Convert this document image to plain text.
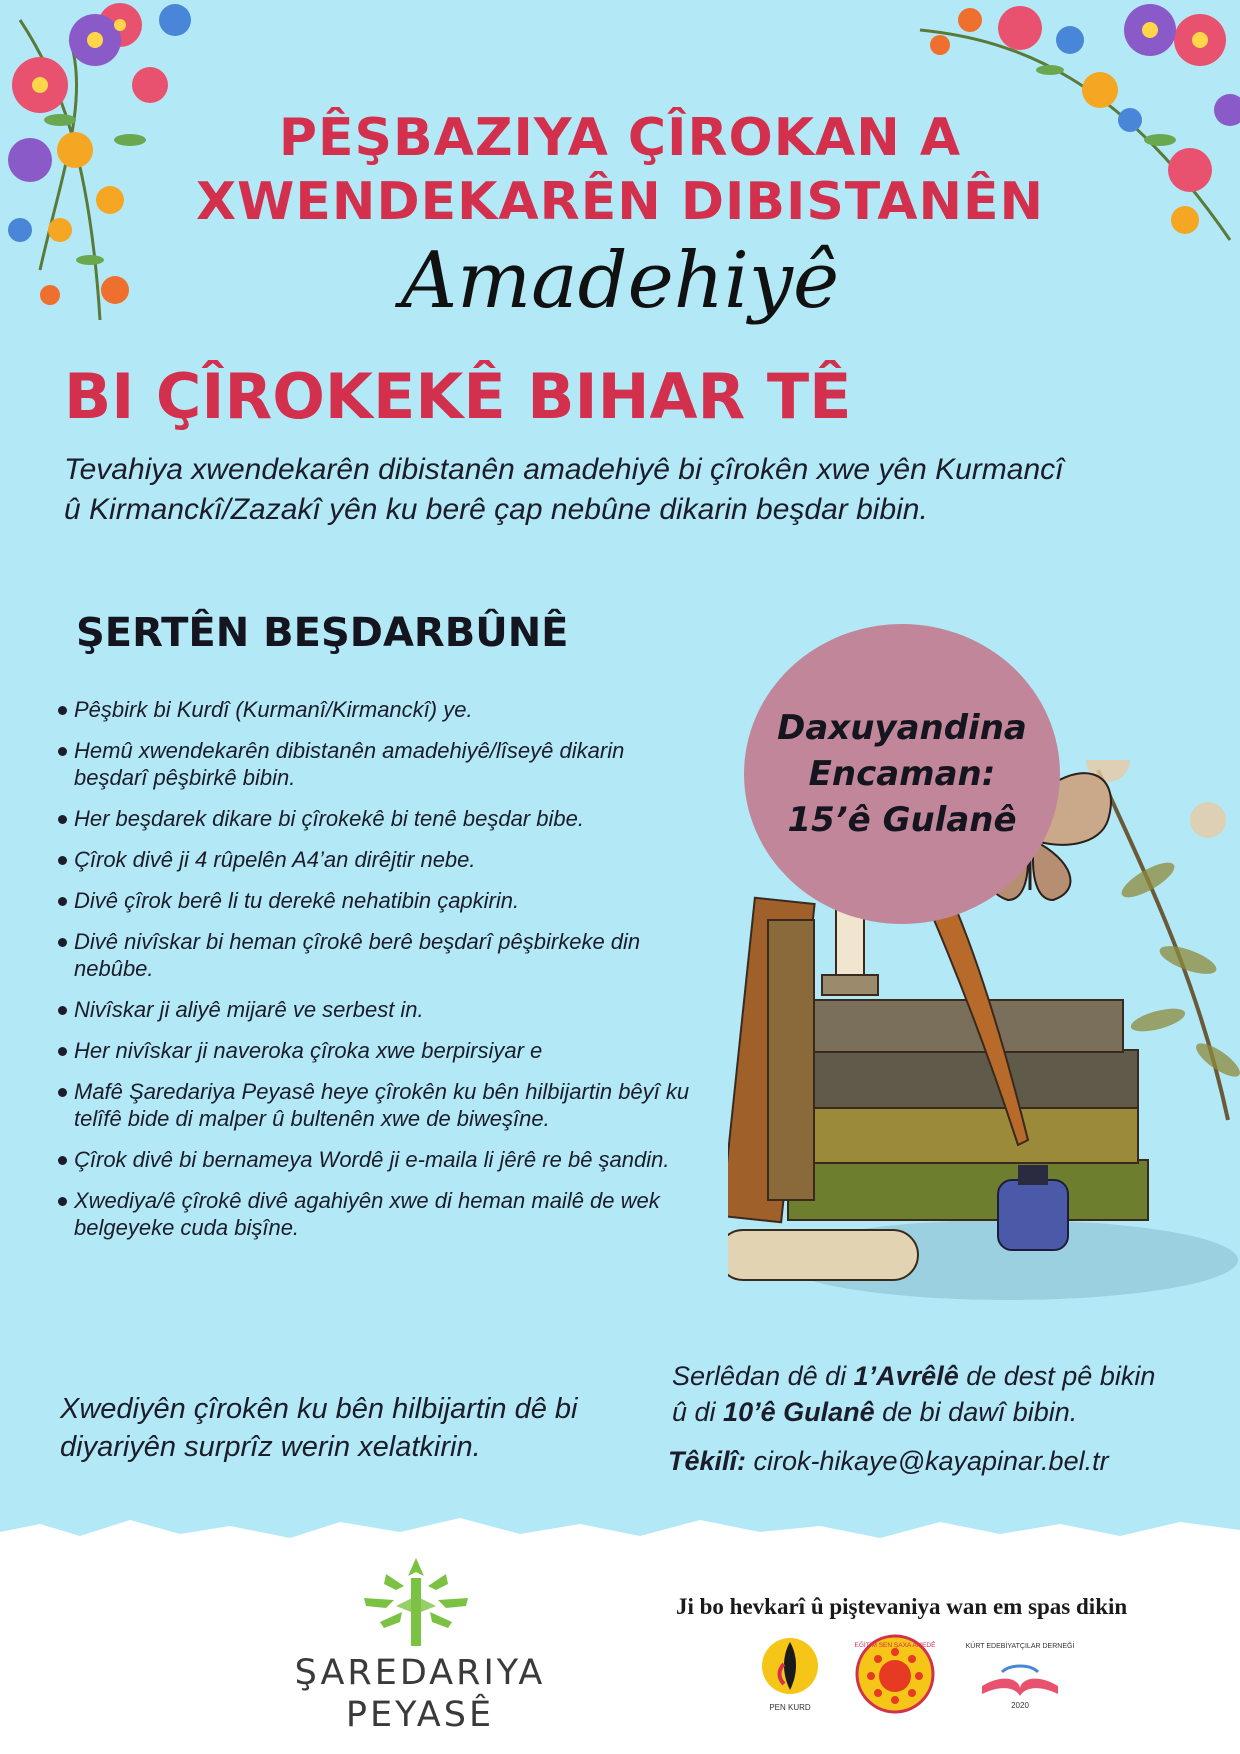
PÊŞBAZIYA ÇÎROKAN A
XWENDEKARÊN DIBISTANÊN
Amadehiyê
BI ÇÎROKEKÊ BIHAR TÊ
Tevahiya xwendekarên dibistanên amadehiyê bi çîrokên xwe yên Kurmancî û Kirmanckî/Zazakî yên ku berê çap nebûne dikarin beşdar bibin.
ŞERTÊN BEŞDARBÛNÊ
Pêşbirk bi Kurdî (Kurmanî/Kirmanckî) ye.
Hemû xwendekarên dibistanên amadehiyê/lîseyê dikarin beşdarî pêşbirkê bibin.
Her beşdarek dikare bi çîrokekê bi tenê beşdar bibe.
Çîrok divê ji 4 rûpelên A4’an dirêjtir nebe.
Divê çîrok berê li tu derekê nehatibin çapkirin.
Divê nivîskar bi heman çîrokê berê beşdarî pêşbirkeke din nebûbe.
Nivîskar ji aliyê mijarê ve serbest in.
Her nivîskar ji naveroka çîroka xwe berpirsiyar e
Mafê Şaredariya Peyasê heye çîrokên ku bên hilbijartin bêyî ku telîfê bide di malper û bultenên xwe de biweşîne.
Çîrok divê bi bernameya Wordê ji e-maila li jêrê re bê şandin.
Xwediya/ê çîrokê divê agahiyên xwe di heman mailê de wek belgeyeke cuda bişîne.
Daxuyandina
Encaman:
15’ê Gulanê
Xwediyên çîrokên ku bên hilbijartin dê bi diyariyên surprîz werin xelatkirin.
Serlêdan dê di 1’Avrêlê de dest pê bikin
û di 10’ê Gulanê de bi dawî bibin.
Têkilî: cirok-hikaye@kayapinar.bel.tr
ŞAREDARIYA
PEYASÊ
Ji bo hevkarî û piştevaniya wan em spas dikin
PEN KURD
EĞİTİM SEN ŞAXA AMEDÊ	KÜRT EDEBİYATÇILAR DERNEĞİ
2020
